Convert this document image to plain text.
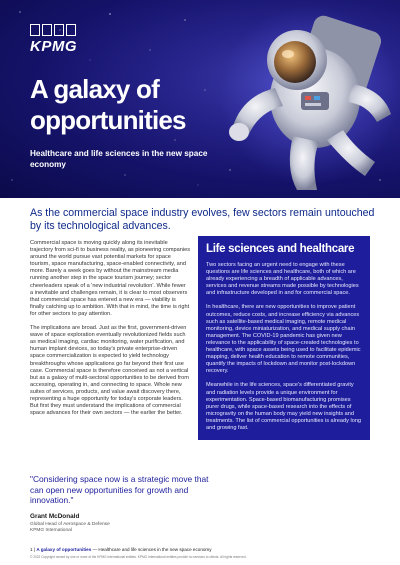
KPMG
A galaxy of opportunities
Healthcare and life sciences in the new space economy

As the commercial space industry evolves, few sectors remain untouched by its technological advances.

Commercial space is moving quickly along its inevitable trajectory from sci-fi to business reality, as pioneering companies around the world pursue vast potential markets for space tourism, space manufacturing, space-enabled connectivity, and more. Barely a week goes by without the mainstream media running another step in the space tourism journey; sector cheerleaders speak of a 'new industrial revolution'. While fewer a inevitable and challenges remain, it is clear to most observers that commercial space has entered a new era — viability is finally catching up to ambition. With that in mind, the time is right for other sectors to pay attention.

The implications are broad. Just as the first, government-driven wave of space exploration eventually revolutionized fields such as medical imaging, cardiac monitoring, water purification, and human implant devices, so today's private enterprise-driven space commercialization is expected to yield technology breakthroughs whose applications go far beyond their first use case. Commercial space is therefore conceived as not a vertical but as a galaxy of multi-sectoral opportunities to be derived from accessing, operating in, and connecting to space. Whole new suites of services, products, and value await discovery there, representing a huge opportunity for today's corporate leaders. But first they must understand the implications of commercial space advances for their own sectors — the earlier the better.

Life sciences and healthcare

Two sectors facing an urgent need to engage with these questions are life sciences and healthcare, both of which are already experiencing a breadth of applicable advances, services and revenue streams made possible by technologies and infrastructure developed in and for commercial space.

In healthcare, there are new opportunities to improve patient outcomes, reduce costs, and increase efficiency via advances such as satellite-based medical imaging, remote medical monitoring, device miniaturization, and medical supply chain management. The COVID-19 pandemic has given new relevance to the applicability of space-created technologies to healthcare, with space assets being used to facilitate epidemic mapping, deliver health education to remote communities, quantify the impacts of lockdown and monitor post-lockdown recovery.

Meanwhile in the life sciences, space's differentiated gravity and radiation levels provide a unique environment for experimentation. Space-based biomanufacturing promises purer drugs, while space-based research into the effects of microgravity on the human body may yield new insights and treatments. The list of commercial opportunities is already long and growing fast.

"Considering space now is a strategic move that can open new opportunities for growth and innovation."
Grant McDonald
Global Head of Aerospace & Defense
KPMG International
1 | A galaxy of opportunities — Healthcare and life sciences in the new space economy
© 2022 Copyright owned by one or more of the KPMG International entities. KPMG International entities provide no services to clients. All rights reserved.
